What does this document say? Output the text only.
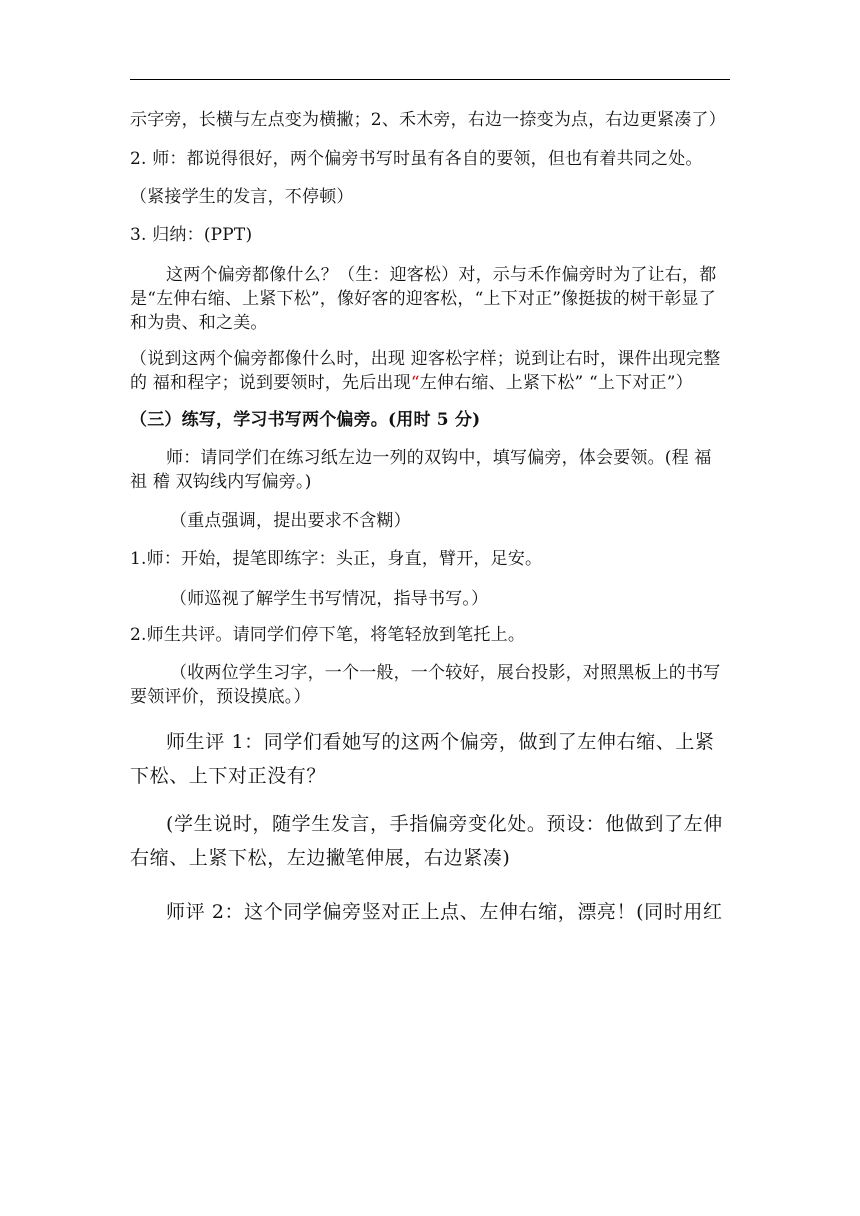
示字旁，长横与左点变为横撇；2、禾木旁，右边一捺变为点，右边更紧凑了）

2. 师：都说得很好，两个偏旁书写时虽有各自的要领，但也有着共同之处。

（紧接学生的发言，不停顿）

3. 归纳：(PPT)

这两个偏旁都像什么？（生：迎客松）对，示与禾作偏旁时为了让右，都是“左伸右缩、上紧下松”，像好客的迎客松，“上下对正”像挺拔的树干彰显了和为贵、和之美。

（说到这两个偏旁都像什么时，出现 迎客松字样；说到让右时，课件出现完整的 福和程字；说到要领时，先后出现“左伸右缩、上紧下松” “上下对正”）

（三）练写，学习书写两个偏旁。(用时 5 分)

师：请同学们在练习纸左边一列的双钩中，填写偏旁，体会要领。(程 福 祖 稽 双钩线内写偏旁。)

（重点强调，提出要求不含糊）

1.师：开始，提笔即练字：头正，身直，臂开，足安。

（师巡视了解学生书写情况，指导书写。）

2.师生共评。请同学们停下笔，将笔轻放到笔托上。

（收两位学生习字，一个一般，一个较好，展台投影，对照黑板上的书写要领评价，预设摸底。）

师生评 1：同学们看她写的这两个偏旁，做到了左伸右缩、上紧下松、上下对正没有？

(学生说时，随学生发言，手指偏旁变化处。预设：他做到了左伸右缩、上紧下松，左边撇笔伸展，右边紧凑)

师评 2：这个同学偏旁竖对正上点、左伸右缩，漂亮！(同时用红
